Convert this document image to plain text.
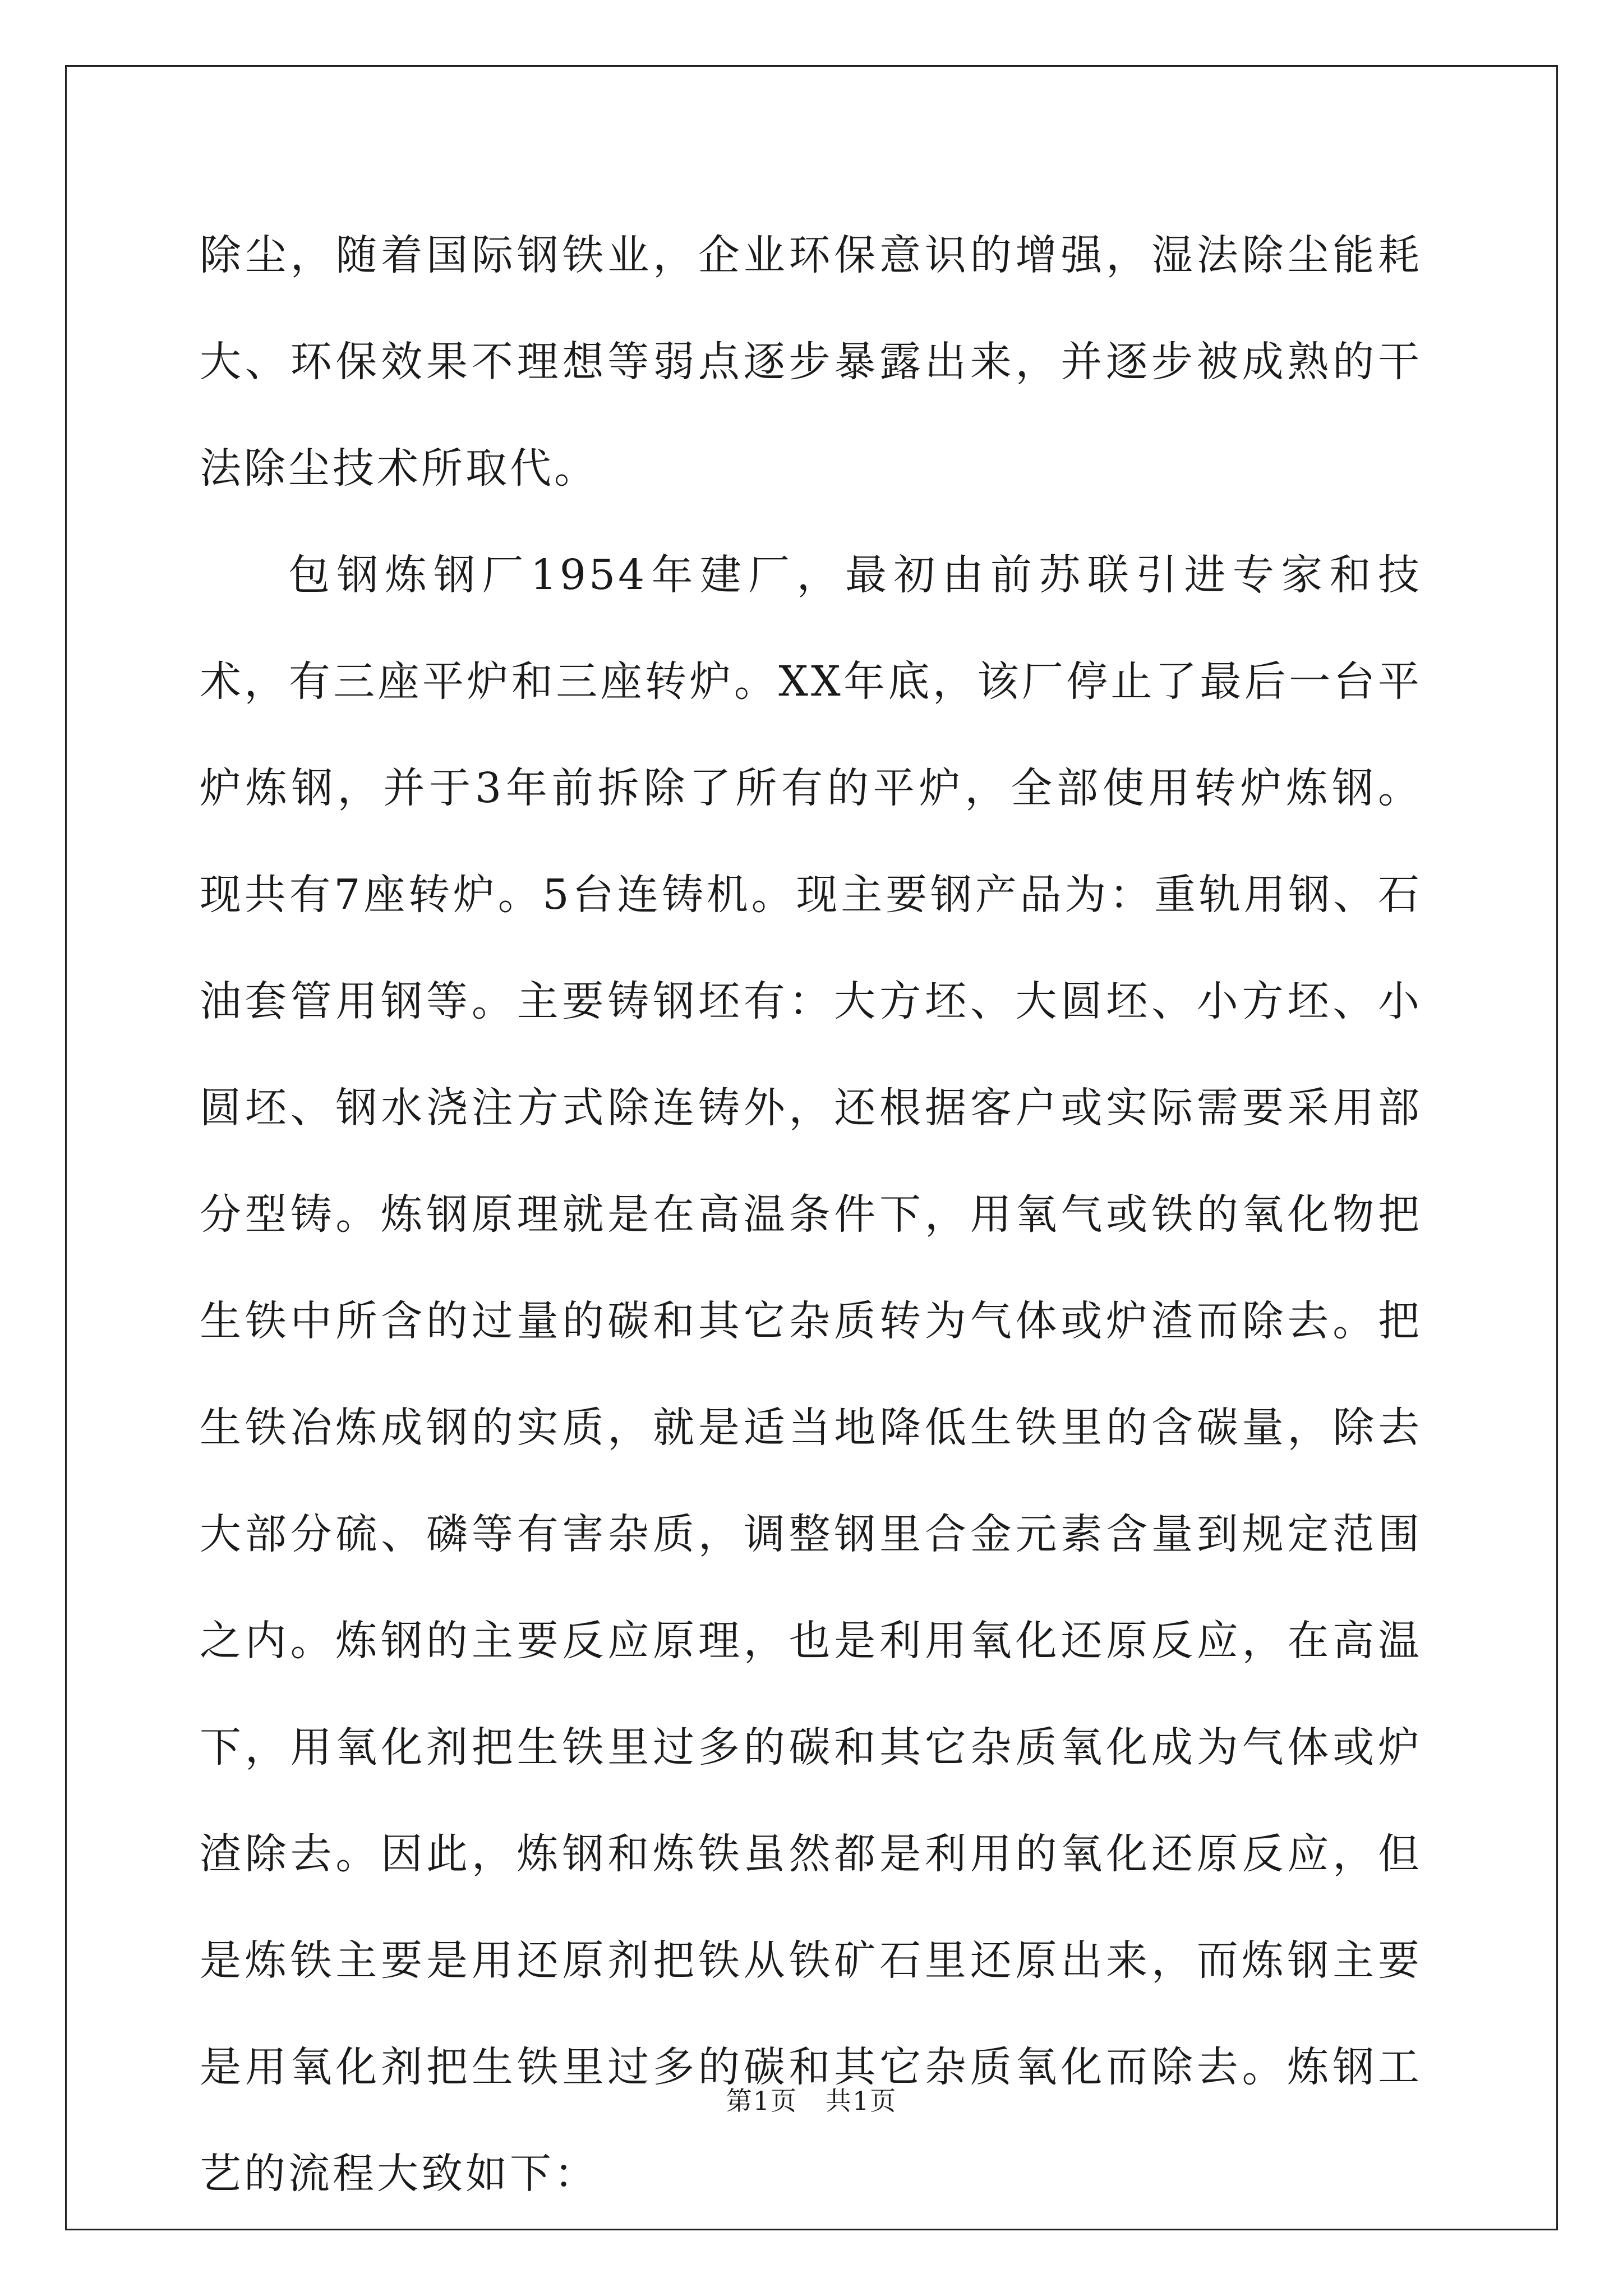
除尘，随着国际钢铁业，企业环保意识的增强，湿法除尘能耗大、环保效果不理想等弱点逐步暴露出来，并逐步被成熟的干法除尘技术所取代。

包钢炼钢厂1954年建厂，最初由前苏联引进专家和技术，有三座平炉和三座转炉。XX年底，该厂停止了最后一台平炉炼钢，并于3年前拆除了所有的平炉，全部使用转炉炼钢。现共有7座转炉。5台连铸机。现主要钢产品为：重轨用钢、石油套管用钢等。主要铸钢坯有：大方坯、大圆坯、小方坯、小圆坯、钢水浇注方式除连铸外，还根据客户或实际需要采用部分型铸。炼钢原理就是在高温条件下，用氧气或铁的氧化物把生铁中所含的过量的碳和其它杂质转为气体或炉渣而除去。把生铁冶炼成钢的实质，就是适当地降低生铁里的含碳量，除去大部分硫、磷等有害杂质，调整钢里合金元素含量到规定范围之内。炼钢的主要反应原理，也是利用氧化还原反应，在高温下，用氧化剂把生铁里过多的碳和其它杂质氧化成为气体或炉渣除去。因此，炼钢和炼铁虽然都是利用的氧化还原反应，但是炼铁主要是用还原剂把铁从铁矿石里还原出来，而炼钢主要是用氧化剂把生铁里过多的碳和其它杂质氧化而除去。炼钢工艺的流程大致如下：

第1页 共1页
